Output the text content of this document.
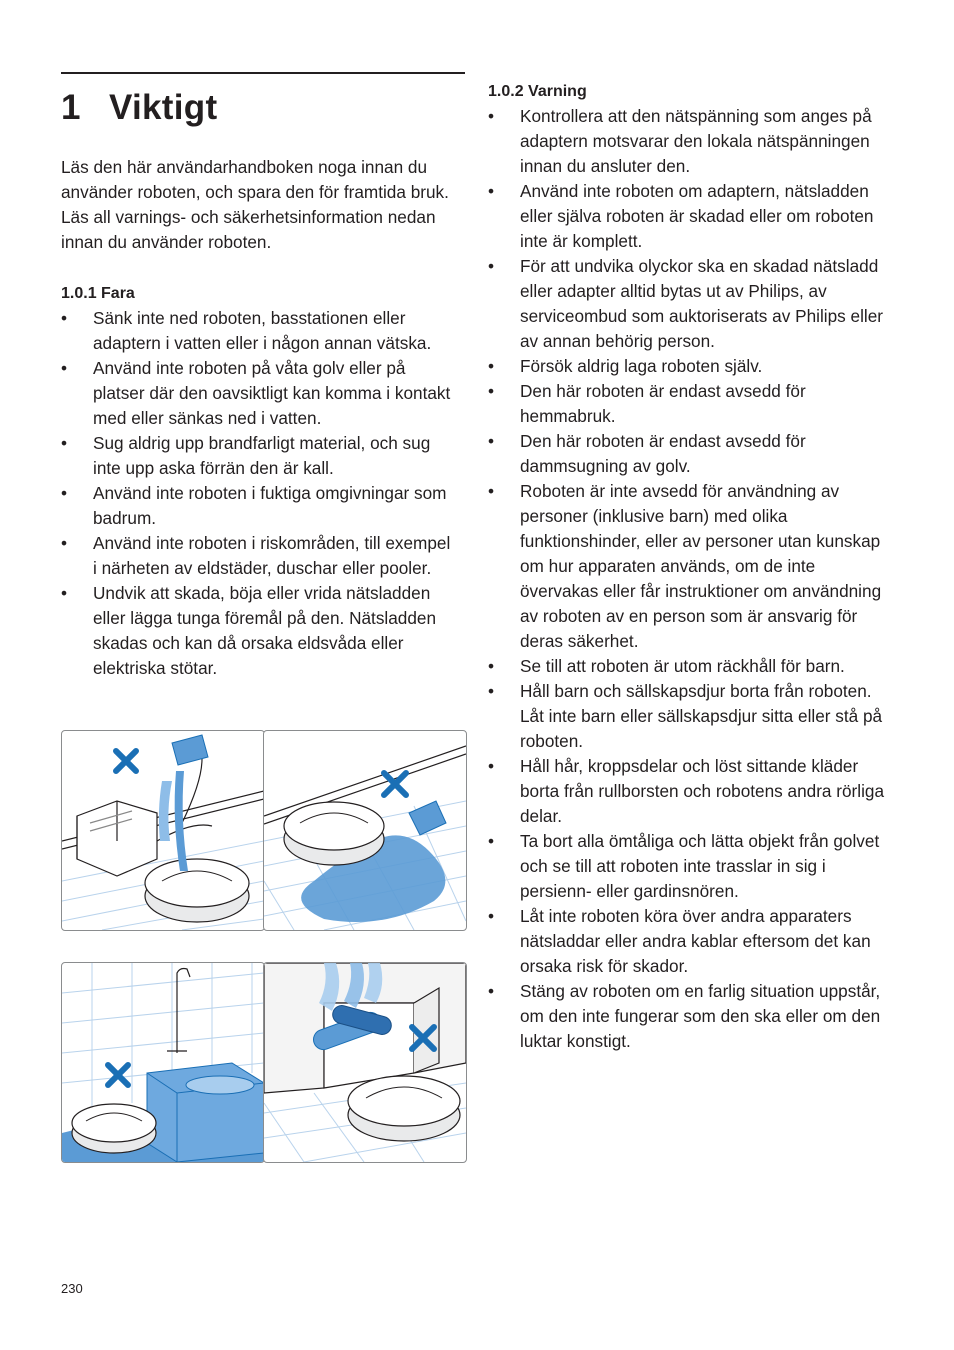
1 Viktigt

Läs den här användarhandboken noga innan du använder roboten, och spara den för framtida bruk. Läs all varnings- och säkerhetsinformation nedan innan du använder roboten.

1.0.1 Fara
• Sänk inte ned roboten, basstationen eller adaptern i vatten eller i någon annan vätska.
• Använd inte roboten på våta golv eller på platser där den oavsiktligt kan komma i kontakt med eller sänkas ned i vatten.
• Sug aldrig upp brandfarligt material, och sug inte upp aska förrän den är kall.
• Använd inte roboten i fuktiga omgivningar som badrum.
• Använd inte roboten i riskområden, till exempel i närheten av eldstäder, duschar eller pooler.
• Undvik att skada, böja eller vrida nätsladden eller lägga tunga föremål på den. Nätsladden skadas och kan då orsaka eldsvåda eller elektriska stötar.
1.0.2 Varning
• Kontrollera att den nätspänning som anges på adaptern motsvarar den lokala nätspänningen innan du ansluter den.
• Använd inte roboten om adaptern, nätsladden eller själva roboten är skadad eller om roboten inte är komplett.
• För att undvika olyckor ska en skadad nätsladd eller adapter alltid bytas ut av Philips, av serviceombud som auktoriserats av Philips eller av annan behörig person.
• Försök aldrig laga roboten själv.
• Den här roboten är endast avsedd för hemmabruk.
• Den här roboten är endast avsedd för dammsugning av golv.
• Roboten är inte avsedd för användning av personer (inklusive barn) med olika funktionshinder, eller av personer utan kunskap om hur apparaten används, om de inte övervakas eller får instruktioner om användning av roboten av en person som är ansvarig för deras säkerhet.
• Se till att roboten är utom räckhåll för barn.
• Håll barn och sällskapsdjur borta från roboten. Låt inte barn eller sällskapsdjur sitta eller stå på roboten.
• Håll hår, kroppsdelar och löst sittande kläder borta från rullborsten och robotens andra rörliga delar.
• Ta bort alla ömtåliga och lätta objekt från golvet och se till att roboten inte trasslar in sig i persienn- eller gardinsnören.
• Låt inte roboten köra över andra apparaters nätsladdar eller andra kablar eftersom det kan orsaka risk för skador.
• Stäng av roboten om en farlig situation uppstår, om den inte fungerar som den ska eller om den luktar konstigt.
230
